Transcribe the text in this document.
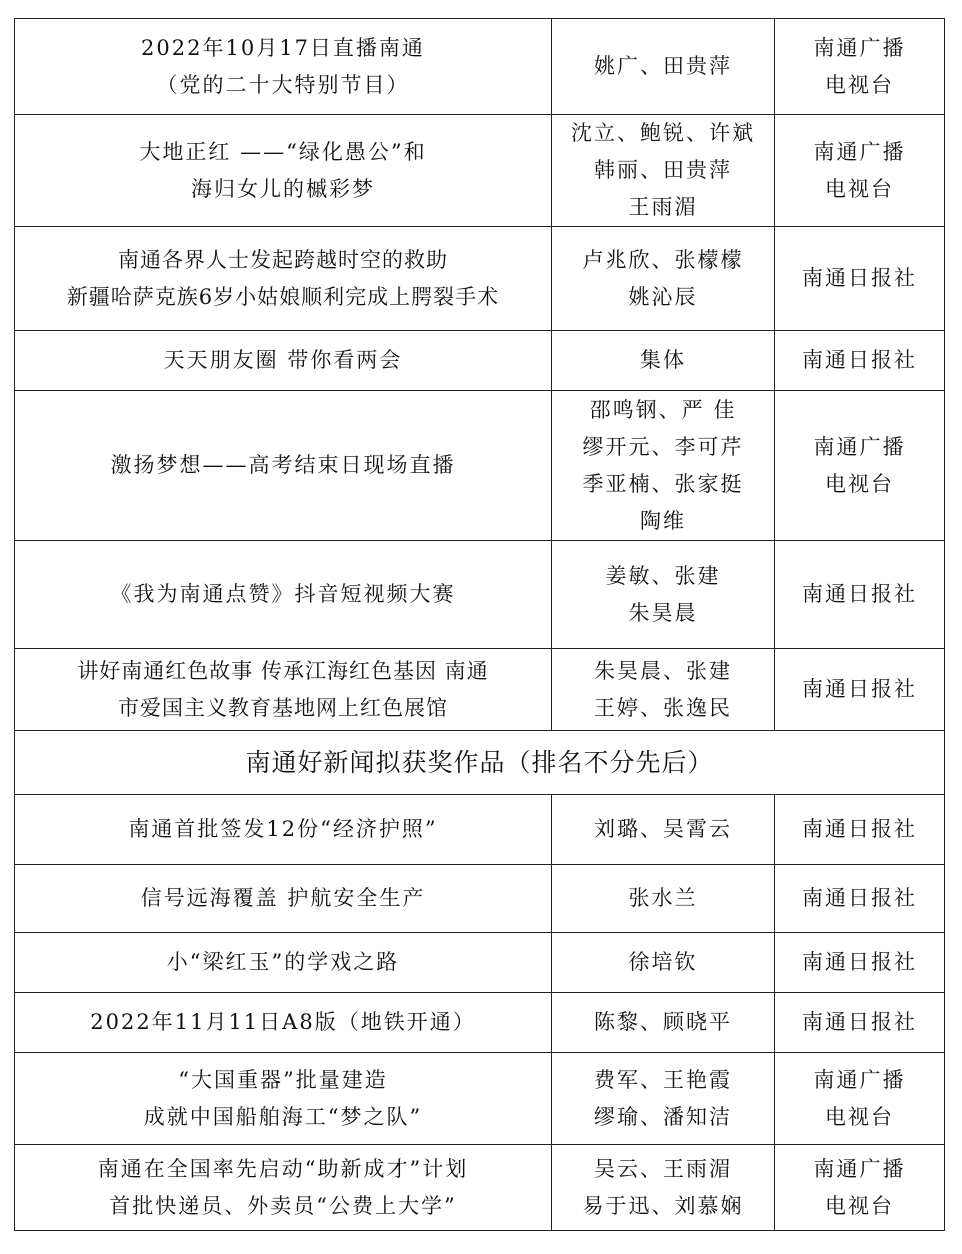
2022年10月17日直播南通
（党的二十大特别节目）	姚广、田贵萍	南通广播
电视台

大地正红 ——“绿化愚公”和
海归女儿的槭彩梦	沈立、鲍锐、许斌
韩丽、田贵萍
王雨湄	南通广播
电视台

南通各界人士发起跨越时空的救助
新疆哈萨克族6岁小姑娘顺利完成上腭裂手术	卢兆欣、张檬檬
姚沁辰	南通日报社

天天朋友圈 带你看两会	集体	南通日报社

激扬梦想——高考结束日现场直播	邵鸣钢、严 佳
缪开元、李可芹
季亚楠、张家挺
陶维	南通广播
电视台

《我为南通点赞》抖音短视频大赛	姜敏、张建
朱昊晨	南通日报社

讲好南通红色故事 传承江海红色基因 南通
市爱国主义教育基地网上红色展馆	朱昊晨、张建
王婷、张逸民	南通日报社

南通好新闻拟获奖作品（排名不分先后）		

南通首批签发12份“经济护照”	刘璐、吴霄云	南通日报社

信号远海覆盖 护航安全生产	张水兰	南通日报社

小“梁红玉”的学戏之路	徐培钦	南通日报社

2022年11月11日A8版（地铁开通）	陈黎、顾晓平	南通日报社

“大国重器”批量建造
成就中国船舶海工“梦之队”	费军、王艳霞
缪瑜、潘知洁	南通广播
电视台

南通在全国率先启动“助新成才”计划
首批快递员、外卖员“公费上大学”	吴云、王雨湄
易于迅、刘慕娴	南通广播
电视台
